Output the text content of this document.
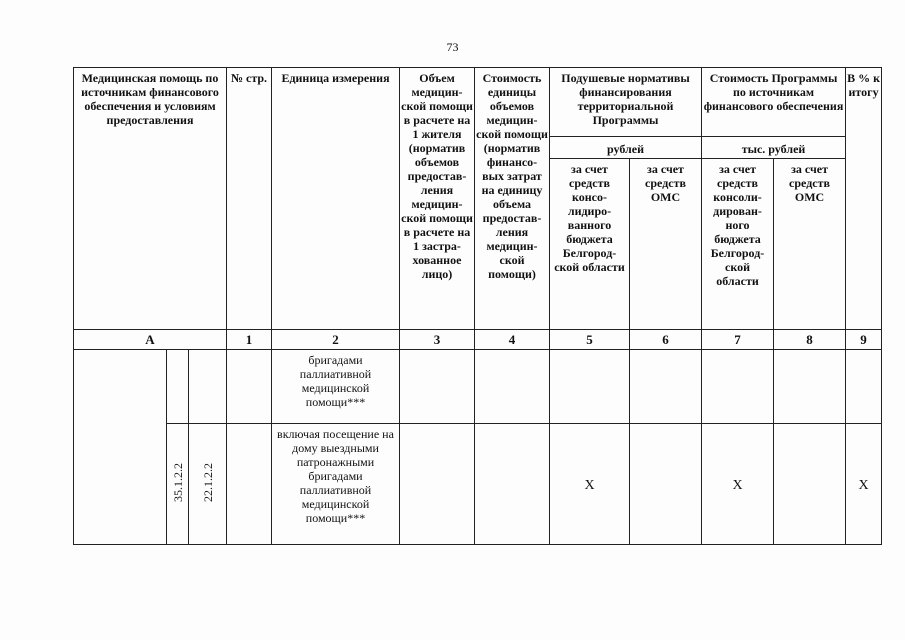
73
Медицинская помощь по источникам финансового обеспечения и условиям предоставления			№ стр.	Единица измерения	Объем медицин-ской помощи в расчете на 1 жителя (норматив объемов предостав-ления медицин-ской помощи в расчете на 1 застра-хованное лицо)	Стоимость единицы объемов медицин-ской помощи (норматив финансо-вых затрат на единицу объема предостав-ления медицин-ской помощи)	Подушевые нормативы финансирования территориальной Программы		Стоимость Программы по источникам финансового обеспечения		В % к итогу
							рублей		тыс. рублей		
							за счет средств консо-лидиро-ванного бюджета Белгород-ской области	за счет средств ОМС	за счет средств консоли-дирован-ного бюджета Белгород-ской области	за счет средств ОМС	
А			1	2	3	4	5	6	7	8	9
				бригадами паллиативной медицинской помощи***							
	35.1.2.2	22.1.2.2		включая посещение на дому выездными патронажными бригадами паллиативной медицинской помощи***			Х		Х		Х
